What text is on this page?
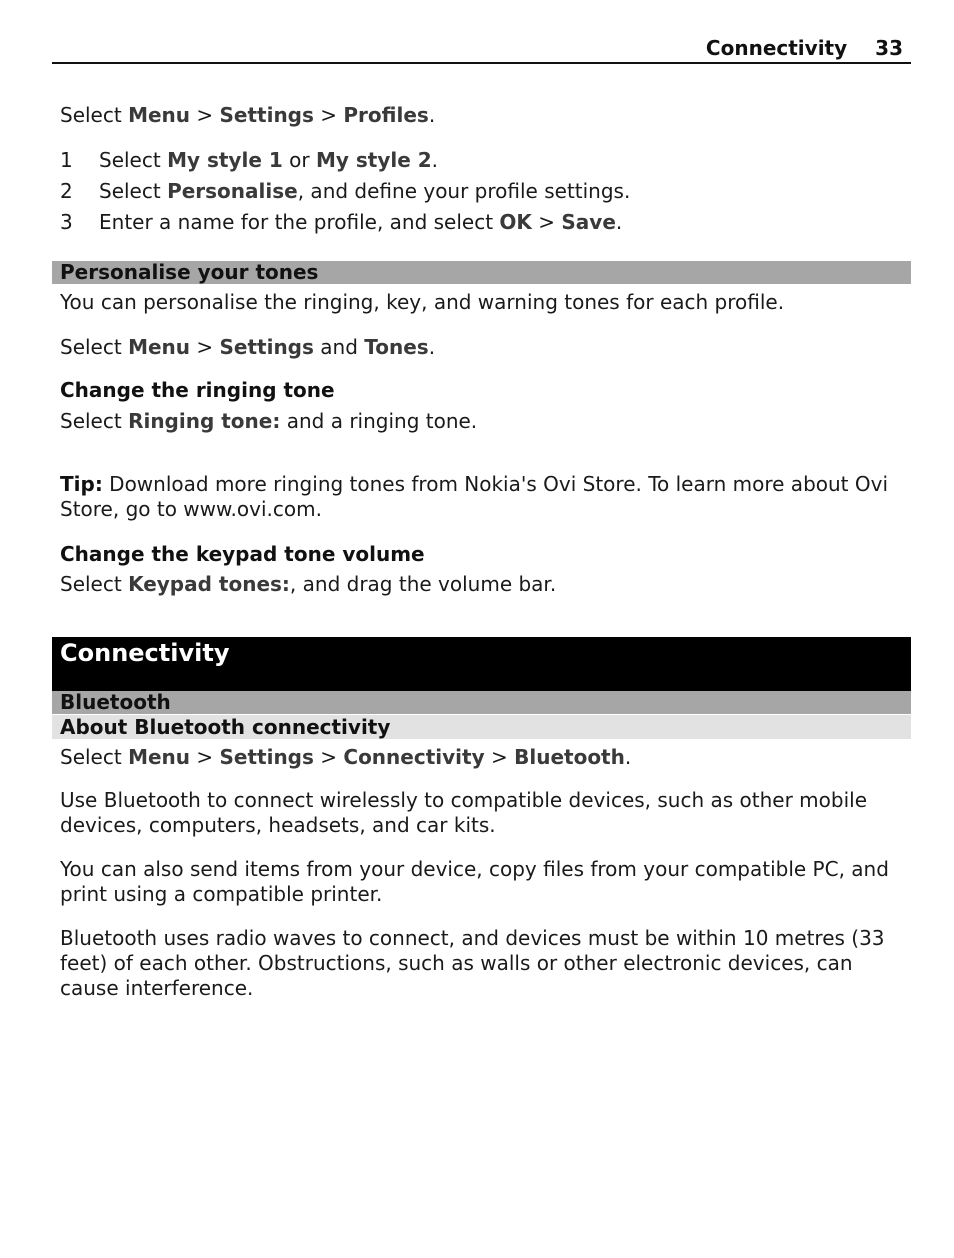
Connectivity 33
Select Menu > Settings > Profiles.
1 Select My style 1 or My style 2.
2 Select Personalise, and define your profile settings.
3 Enter a name for the profile, and select OK > Save.
Personalise your tones
You can personalise the ringing, key, and warning tones for each profile.
Select Menu > Settings and Tones.
Change the ringing tone
Select Ringing tone: and a ringing tone.
Tip: Download more ringing tones from Nokia's Ovi Store. To learn more about Ovi Store, go to www.ovi.com.
Change the keypad tone volume
Select Keypad tones:, and drag the volume bar.
Connectivity
Bluetooth
About Bluetooth connectivity
Select Menu > Settings > Connectivity > Bluetooth.
Use Bluetooth to connect wirelessly to compatible devices, such as other mobile devices, computers, headsets, and car kits.
You can also send items from your device, copy files from your compatible PC, and print using a compatible printer.
Bluetooth uses radio waves to connect, and devices must be within 10 metres (33 feet) of each other. Obstructions, such as walls or other electronic devices, can cause interference.
